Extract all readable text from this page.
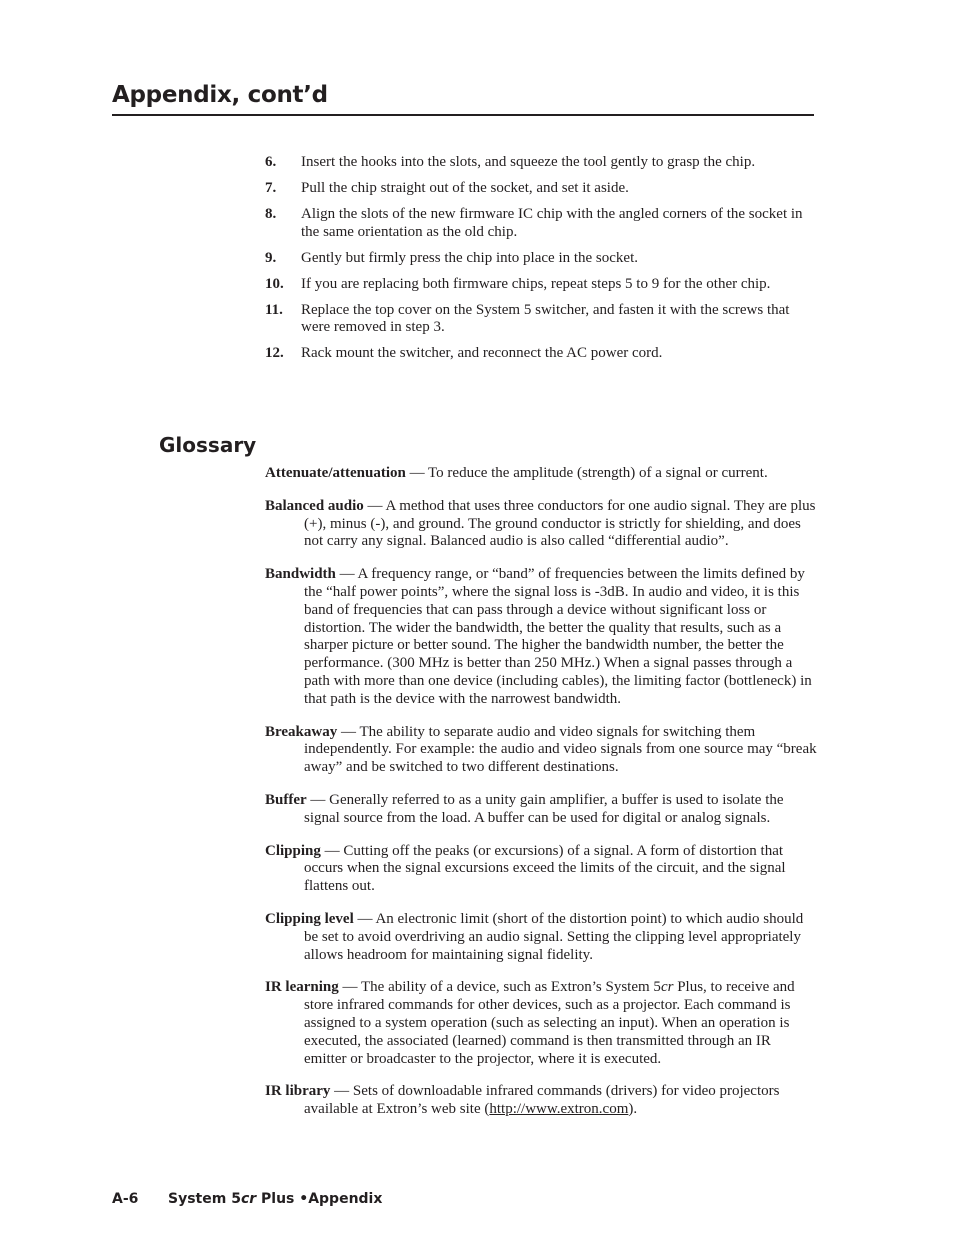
Appendix, cont’d
6.	Insert the hooks into the slots, and squeeze the tool gently to grasp the chip.
7.	Pull the chip straight out of the socket, and set it aside.
8.	Align the slots of the new firmware IC chip with the angled corners of the socket in the same orientation as the old chip.
9.	Gently but firmly press the chip into place in the socket.
10.	If you are replacing both firmware chips, repeat steps 5 to 9 for the other chip.
11.	Replace the top cover on the System 5 switcher, and fasten it with the screws that were removed in step 3.
12.	Rack mount the switcher, and reconnect the AC power cord.
Glossary

Attenuate/attenuation — To reduce the amplitude (strength) of a signal or current.

Balanced audio — A method that uses three conductors for one audio signal. They are plus (+), minus (-), and ground. The ground conductor is strictly for shielding, and does not carry any signal. Balanced audio is also called “differential audio”.

Bandwidth — A frequency range, or “band” of frequencies between the limits defined by the “half power points”, where the signal loss is -3dB. In audio and video, it is this band of frequencies that can pass through a device without significant loss or distortion. The wider the bandwidth, the better the quality that results, such as a sharper picture or better sound. The higher the bandwidth number, the better the performance. (300 MHz is better than 250 MHz.) When a signal passes through a path with more than one device (including cables), the limiting factor (bottleneck) in that path is the device with the narrowest bandwidth.

Breakaway — The ability to separate audio and video signals for switching them independently. For example: the audio and video signals from one source may “break away” and be switched to two different destinations.

Buffer — Generally referred to as a unity gain amplifier, a buffer is used to isolate the signal source from the load. A buffer can be used for digital or analog signals.

Clipping — Cutting off the peaks (or excursions) of a signal. A form of distortion that occurs when the signal excursions exceed the limits of the circuit, and the signal flattens out.

Clipping level — An electronic limit (short of the distortion point) to which audio should be set to avoid overdriving an audio signal. Setting the clipping level appropriately allows headroom for maintaining signal fidelity.

IR learning — The ability of a device, such as Extron’s System 5cr Plus, to receive and store infrared commands for other devices, such as a projector. Each command is assigned to a system operation (such as selecting an input). When an operation is executed, the associated (learned) command is then transmitted through an IR emitter or broadcaster to the projector, where it is executed.

IR library — Sets of downloadable infrared commands (drivers) for video projectors available at Extron’s web site (http://www.extron.com).

A-6 System 5cr Plus •Appendix
